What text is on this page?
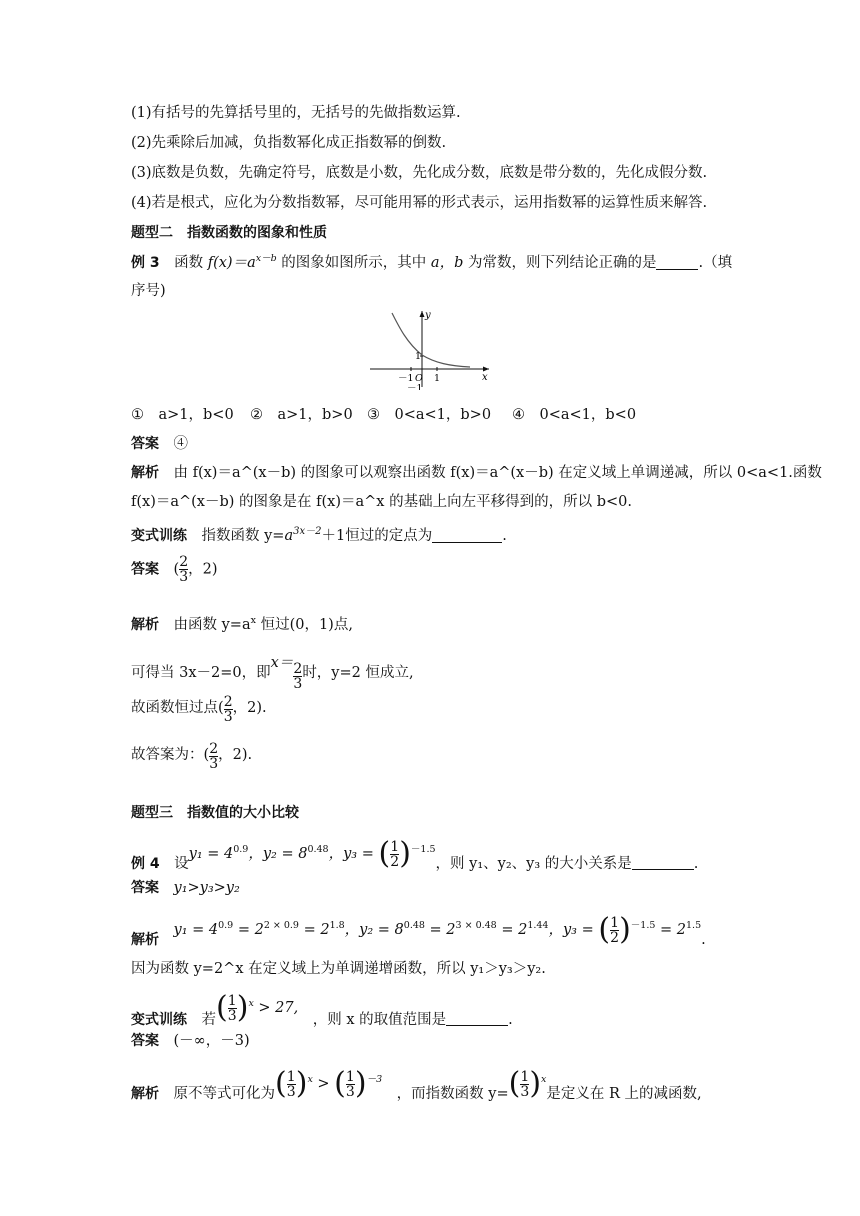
(1)有括号的先算括号里的，无括号的先做指数运算.
(2)先乘除后加减，负指数幂化成正指数幂的倒数.
(3)底数是负数，先确定符号，底数是小数，先化成分数，底数是带分数的，先化成假分数.
(4)若是根式，应化为分数指数幂，尽可能用幂的形式表示，运用指数幂的运算性质来解答.
题型二　指数函数的图象和性质
例 3　函数 $f(x)=a^{x-b}$ 的图象如图所示，其中 a，b 为常数，则下列结论正确的是	.（填
序号)
y
x
1
－1 O 1
－1
①　a>1，b<0 ②　a>1，b>0 ③　0<a<1，b>0 ④　0<a<1，b<0
答案　 ④
解析　由 f(x)＝a^(x－b) 的图象可以观察出函数 f(x)＝a^(x－b) 在定义域上单调递减，所以 0<a<1.函数
f(x)＝a^(x－b) 的图象是在 f(x)＝a^x 的基础上向左平移得到的，所以 b<0.
变式训练　指数函数 $y=a^{3x-2}+1$恒过的定点为	.
答案　( $\frac{2}{3}$ ，2)
解析　由函数 $y=a^x$ 恒过(0，1)点,
可得当 3x－2=0，即$x= \frac{2}{3}$ 时，y=2 恒成立,
故函数恒过点( $\frac{2}{3}$ ，2).
故答案为：( $\frac{2}{3}$ ，2).
题型三　指数值的大小比较
例 4　 设$y_1 = 4^{0.9}$，$y_2 = 8^{0.48}$，y₃ = ( $\frac{1}{2} )^{-1.5}$，则 y₁、y₂、y₃ 的大小关系是	.
答案　 y₁>y₃>y₂
解析　$y_1 = 4^{0.9} = 2^{2 \times 0.9} = 2^{1.8}$，$y_2 = 8^{0.48} = 2^{3 \times 0.48} = 2^{1.44}$，y₃ = ( $\frac{1}{2} )^{-1.5} = 2^{1.5}$.
因为函数 y=2^x 在定义域上为单调递增函数，所以 y₁＞y₃＞y₂.
变式训练　若( $\frac{1}{3} )^x > 27$,　，则 x 的取值范围是	.
答案　 (－∞，－3)
解析　原不等式可化为( $\frac{1}{3} )^x$ > ( $\frac{1}{3} )^{-3}$　，而指数函数 $y=( \frac{1}{3} )^x$是定义在 R 上的减函数,
